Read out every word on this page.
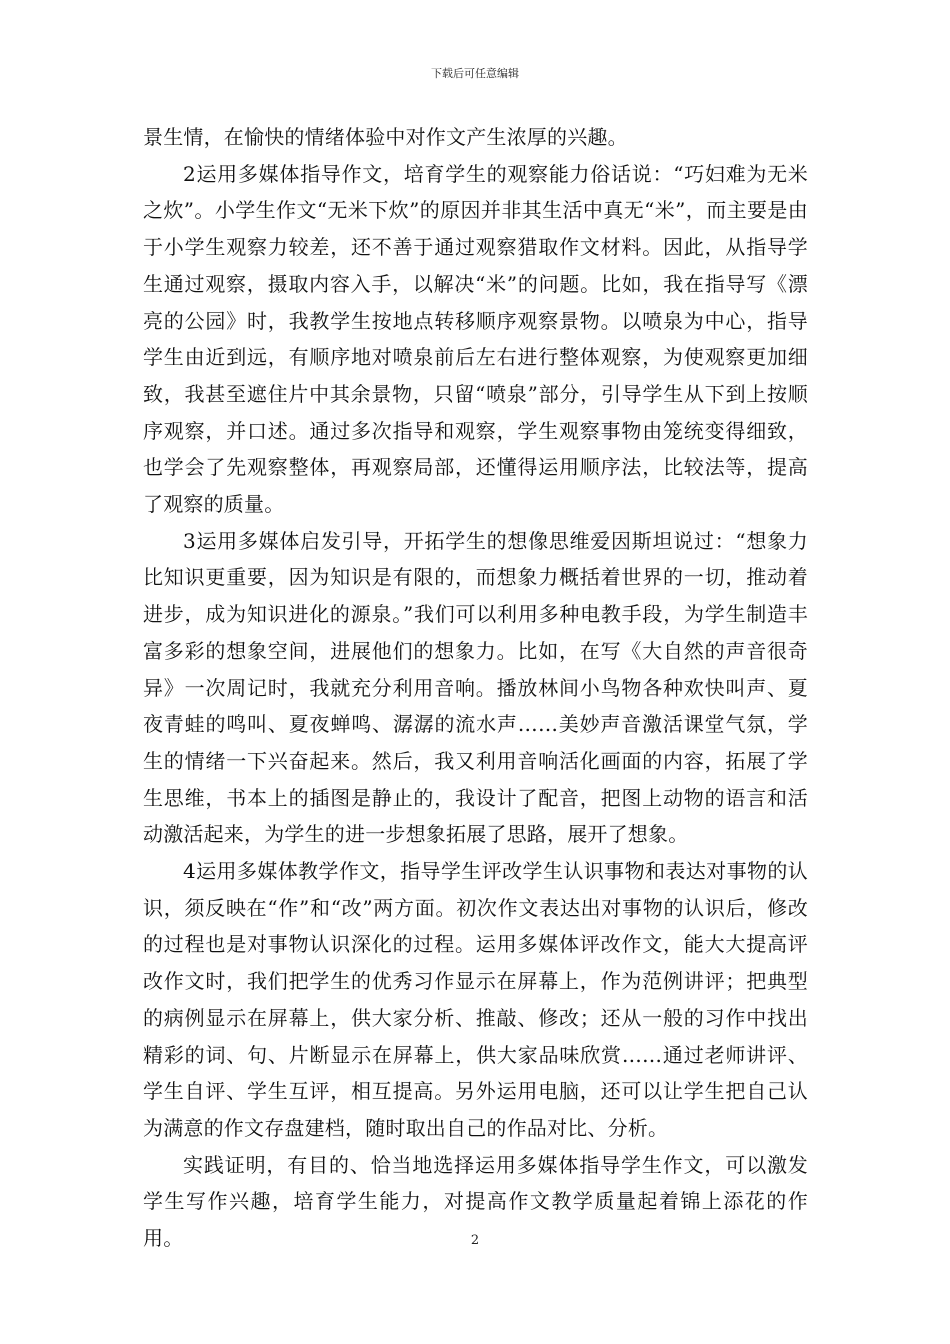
下载后可任意编辑

景生情，在愉快的情绪体验中对作文产生浓厚的兴趣。

2运用多媒体指导作文，培育学生的观察能力俗话说：“巧妇难为无米之炊”。小学生作文“无米下炊”的原因并非其生活中真无“米”，而主要是由于小学生观察力较差，还不善于通过观察猎取作文材料。因此，从指导学生通过观察，摄取内容入手，以解决“米”的问题。比如，我在指导写《漂亮的公园》时，我教学生按地点转移顺序观察景物。以喷泉为中心，指导学生由近到远，有顺序地对喷泉前后左右进行整体观察，为使观察更加细致，我甚至遮住片中其余景物，只留“喷泉”部分，引导学生从下到上按顺序观察，并口述。通过多次指导和观察，学生观察事物由笼统变得细致，也学会了先观察整体，再观察局部，还懂得运用顺序法，比较法等，提高了观察的质量。

3运用多媒体启发引导，开拓学生的想像思维爱因斯坦说过：“想象力比知识更重要，因为知识是有限的，而想象力概括着世界的一切，推动着进步，成为知识进化的源泉。”我们可以利用多种电教手段，为学生制造丰富多彩的想象空间，进展他们的想象力。比如，在写《大自然的声音很奇异》一次周记时，我就充分利用音响。播放林间小鸟物各种欢快叫声、夏夜青蛙的鸣叫、夏夜蝉鸣、潺潺的流水声……美妙声音激活课堂气氛，学生的情绪一下兴奋起来。然后，我又利用音响活化画面的内容，拓展了学生思维，书本上的插图是静止的，我设计了配音，把图上动物的语言和活动激活起来，为学生的进一步想象拓展了思路，展开了想象。

4运用多媒体教学作文，指导学生评改学生认识事物和表达对事物的认识，须反映在“作”和“改”两方面。初次作文表达出对事物的认识后，修改的过程也是对事物认识深化的过程。运用多媒体评改作文，能大大提高评改作文时，我们把学生的优秀习作显示在屏幕上，作为范例讲评；把典型的病例显示在屏幕上，供大家分析、推敲、修改；还从一般的习作中找出精彩的词、句、片断显示在屏幕上，供大家品味欣赏……通过老师讲评、学生自评、学生互评，相互提高。另外运用电脑，还可以让学生把自己认为满意的作文存盘建档，随时取出自己的作品对比、分析。

实践证明，有目的、恰当地选择运用多媒体指导学生作文，可以激发学生写作兴趣，培育学生能力，对提高作文教学质量起着锦上添花的作用。	2
